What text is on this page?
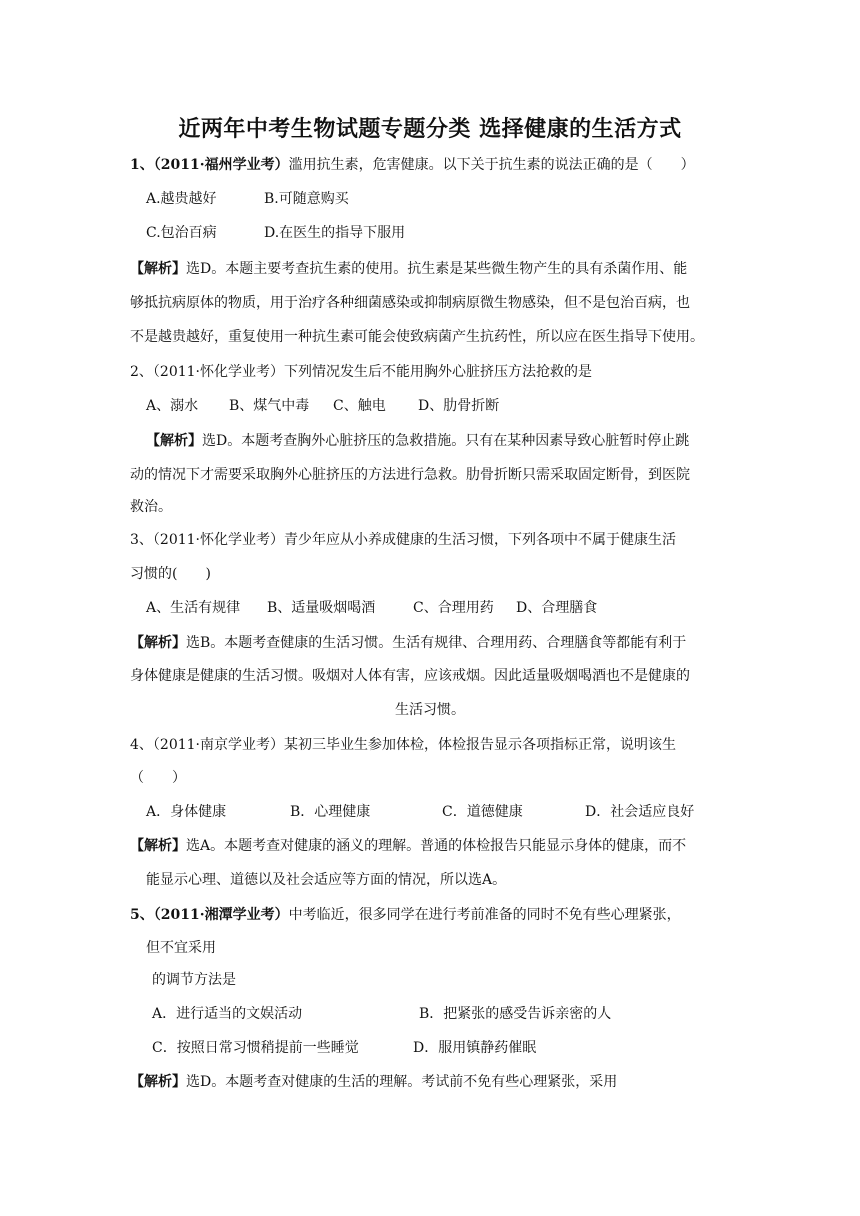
近两年中考生物试题专题分类 选择健康的生活方式
1、（2011·福州学业考）滥用抗生素，危害健康。以下关于抗生素的说法正确的是（　　）
A.越贵越好	B.可随意购买
C.包治百病	D.在医生的指导下服用
【解析】选D。本题主要考查抗生素的使用。抗生素是某些微生物产生的具有杀菌作用、能
够抵抗病原体的物质，用于治疗各种细菌感染或抑制病原微生物感染，但不是包治百病，也
不是越贵越好，重复使用一种抗生素可能会使致病菌产生抗药性，所以应在医生指导下使用。
2、（2011·怀化学业考）下列情况发生后不能用胸外心脏挤压方法抢救的是
A、溺水 B、煤气中毒 C、触电 D、肋骨折断
【解析】选D。本题考查胸外心脏挤压的急救措施。只有在某种因素导致心脏暂时停止跳
动的情况下才需要采取胸外心脏挤压的方法进行急救。肋骨折断只需采取固定断骨，到医院
救治。
3、（2011·怀化学业考）青少年应从小养成健康的生活习惯，下列各项中不属于健康生活
习惯的(　　)
A、生活有规律 B、适量吸烟喝酒	C、合理用药 D、合理膳食
【解析】选B。本题考查健康的生活习惯。生活有规律、合理用药、合理膳食等都能有利于
身体健康是健康的生活习惯。吸烟对人体有害，应该戒烟。因此适量吸烟喝酒也不是健康的
生活习惯。
4、（2011·南京学业考）某初三毕业生参加体检，体检报告显示各项指标正常，说明该生
（　　）
A．身体健康	B．心理健康	C．道德健康	D．社会适应良好
【解析】选A。本题考查对健康的涵义的理解。普通的体检报告只能显示身体的健康，而不
能显示心理、道德以及社会适应等方面的情况，所以选A。
5、（2011·湘潭学业考）中考临近，很多同学在进行考前准备的同时不免有些心理紧张，
但不宜采用
的调节方法是
A．进行适当的文娱活动	B．把紧张的感受告诉亲密的人
C．按照日常习惯稍提前一些睡觉	D．服用镇静药催眠
【解析】选D。本题考查对健康的生活的理解。考试前不免有些心理紧张，采用
